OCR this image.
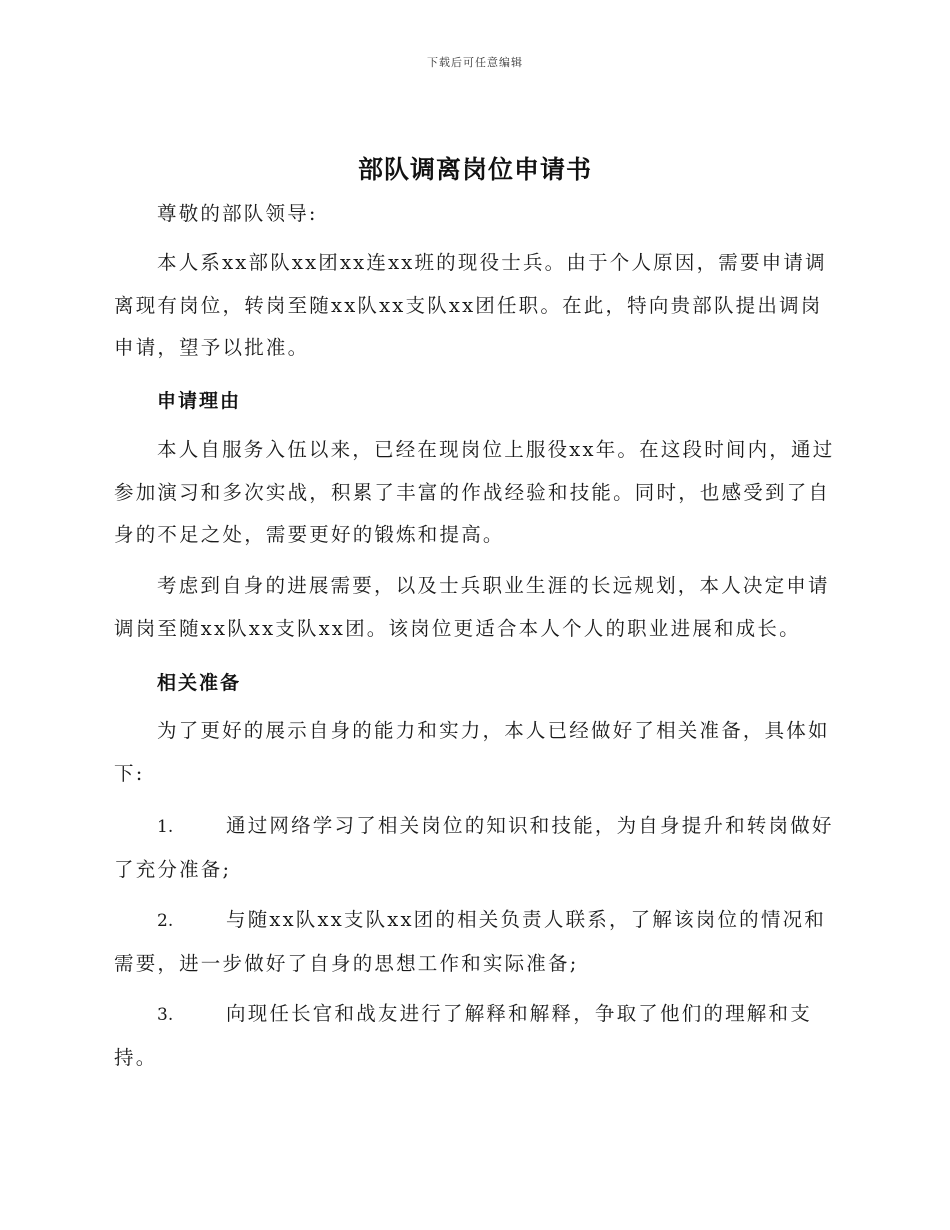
下载后可任意编辑
部队调离岗位申请书
尊敬的部队领导:
本人系xx部队xx团xx连xx班的现役士兵。由于个人原因，需要申请调离现有岗位，转岗至随xx队xx支队xx团任职。在此，特向贵部队提出调岗申请，望予以批准。
申请理由
本人自服务入伍以来，已经在现岗位上服役xx年。在这段时间内，通过参加演习和多次实战，积累了丰富的作战经验和技能。同时，也感受到了自身的不足之处，需要更好的锻炼和提高。
考虑到自身的进展需要，以及士兵职业生涯的长远规划，本人决定申请调岗至随xx队xx支队xx团。该岗位更适合本人个人的职业进展和成长。
相关准备
为了更好的展示自身的能力和实力，本人已经做好了相关准备，具体如下:
1.	通过网络学习了相关岗位的知识和技能，为自身提升和转岗做好了充分准备;
2.	与随xx队xx支队xx团的相关负责人联系，了解该岗位的情况和需要，进一步做好了自身的思想工作和实际准备;
3.	向现任长官和战友进行了解释和解释，争取了他们的理解和支持。
